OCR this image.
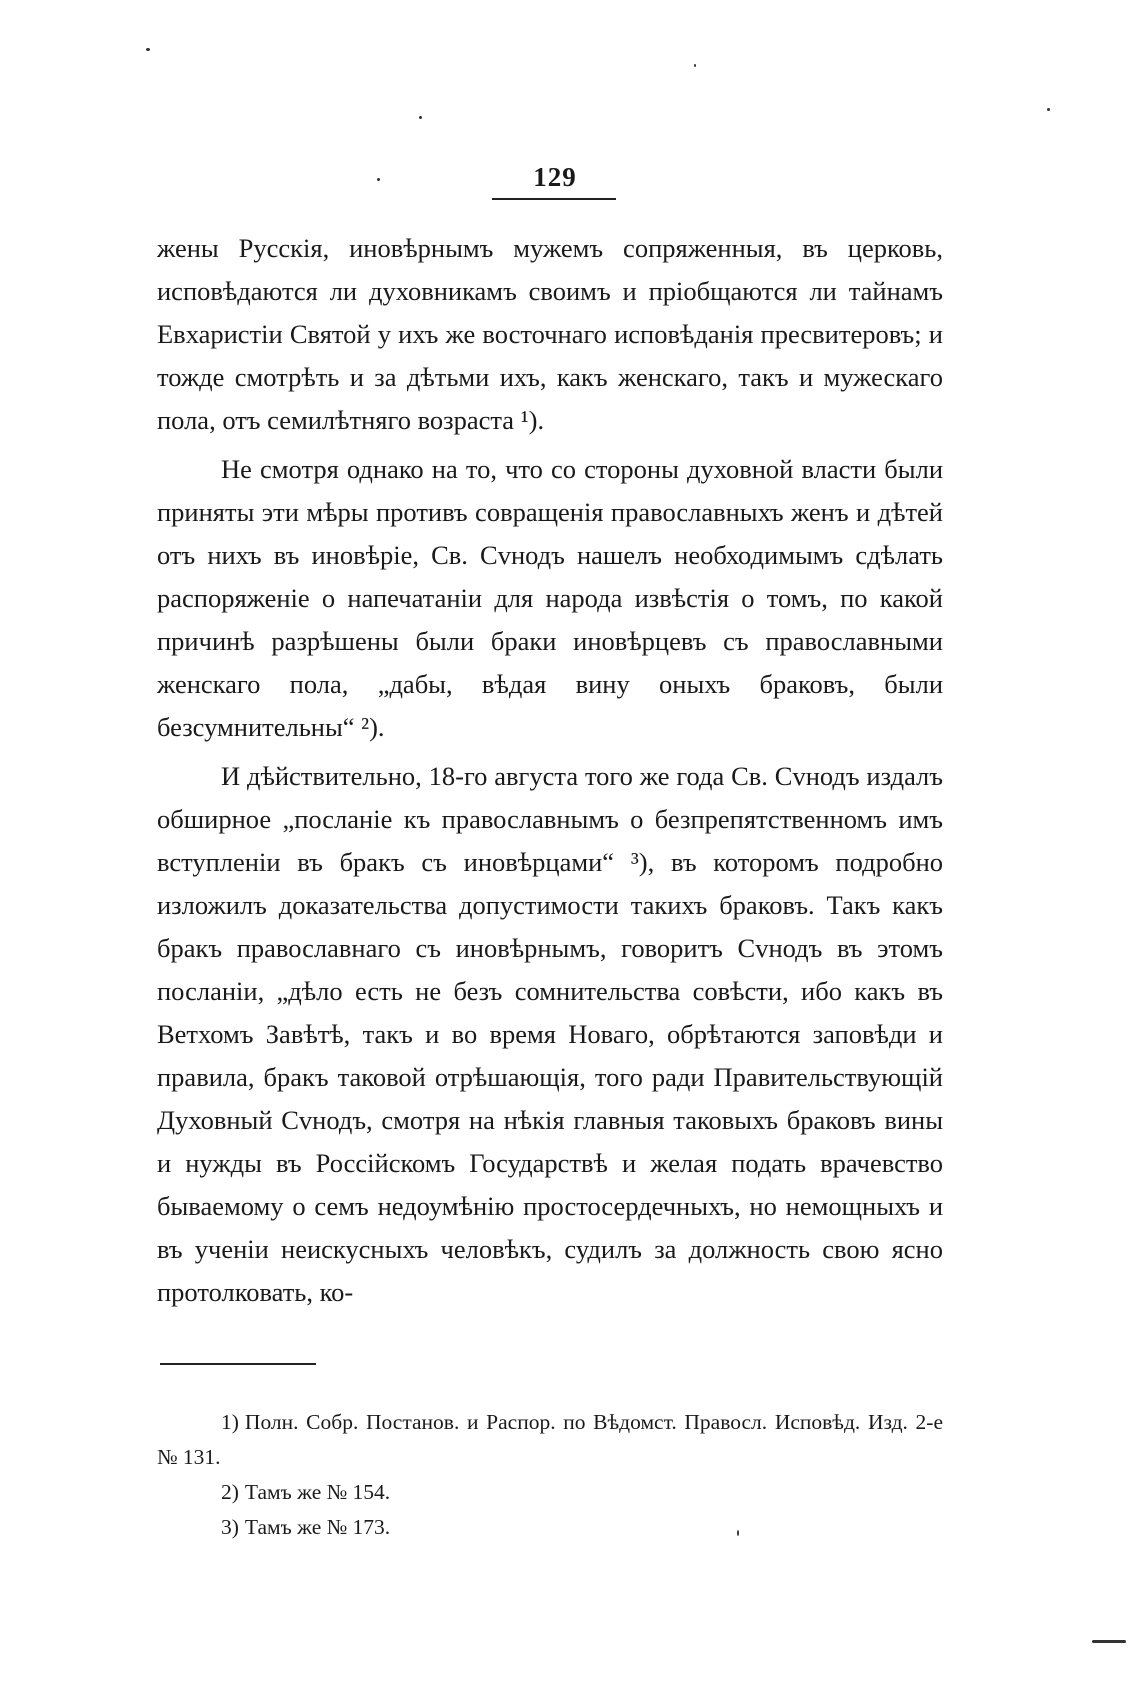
129

жены Русскія, иновѣрнымъ мужемъ сопряженныя, въ церковь, исповѣдаются ли духовникамъ своимъ и пріобщаются ли тайнамъ Евхаристіи Святой у ихъ же восточнаго исповѣданія пресвитеровъ; и тожде смотрѣть и за дѣтьми ихъ, какъ женскаго, такъ и мужескаго пола, отъ семилѣтняго возраста ¹).

Не смотря однако на то, что со стороны духовной власти были приняты эти мѣры противъ совращенія православныхъ женъ и дѣтей отъ нихъ въ иновѣріе, Св. Сvнодъ нашелъ необходимымъ сдѣлать распоряженіе о напечатаніи для народа извѣстія о томъ, по какой причинѣ разрѣшены были браки иновѣрцевъ съ православными женскаго пола, „дабы, вѣдая вину оныхъ браковъ, были безсумнительны“ ²).

И дѣйствительно, 18-го августа того же года Св. Сvнодъ издалъ обширное „посланіе къ православнымъ о безпрепятственномъ имъ вступленіи въ бракъ съ иновѣрцами“ ³), въ которомъ подробно изложилъ доказательства допустимости такихъ браковъ. Такъ какъ бракъ православнаго съ иновѣрнымъ, говоритъ Сvнодъ въ этомъ посланіи, „дѣло есть не безъ сомнительства совѣсти, ибо какъ въ Ветхомъ Завѣтѣ, такъ и во время Новаго, обрѣтаются заповѣди и правила, бракъ таковой отрѣшающія, того ради Правительствующій Духовный Сvнодъ, смотря на нѣкія главныя таковыхъ браковъ вины и нужды въ Россійскомъ Государствѣ и желая подать врачевство бываемому о семъ недоумѣнію простосердечныхъ, но немощныхъ и въ ученіи неискусныхъ человѣкъ, судилъ за должность свою ясно протолковать, ко-

1) Полн. Собр. Постанов. и Распор. по Вѣдомст. Правосл. Исповѣд. Изд. 2-е № 131.

2) Тамъ же № 154.

3) Тамъ же № 173.
